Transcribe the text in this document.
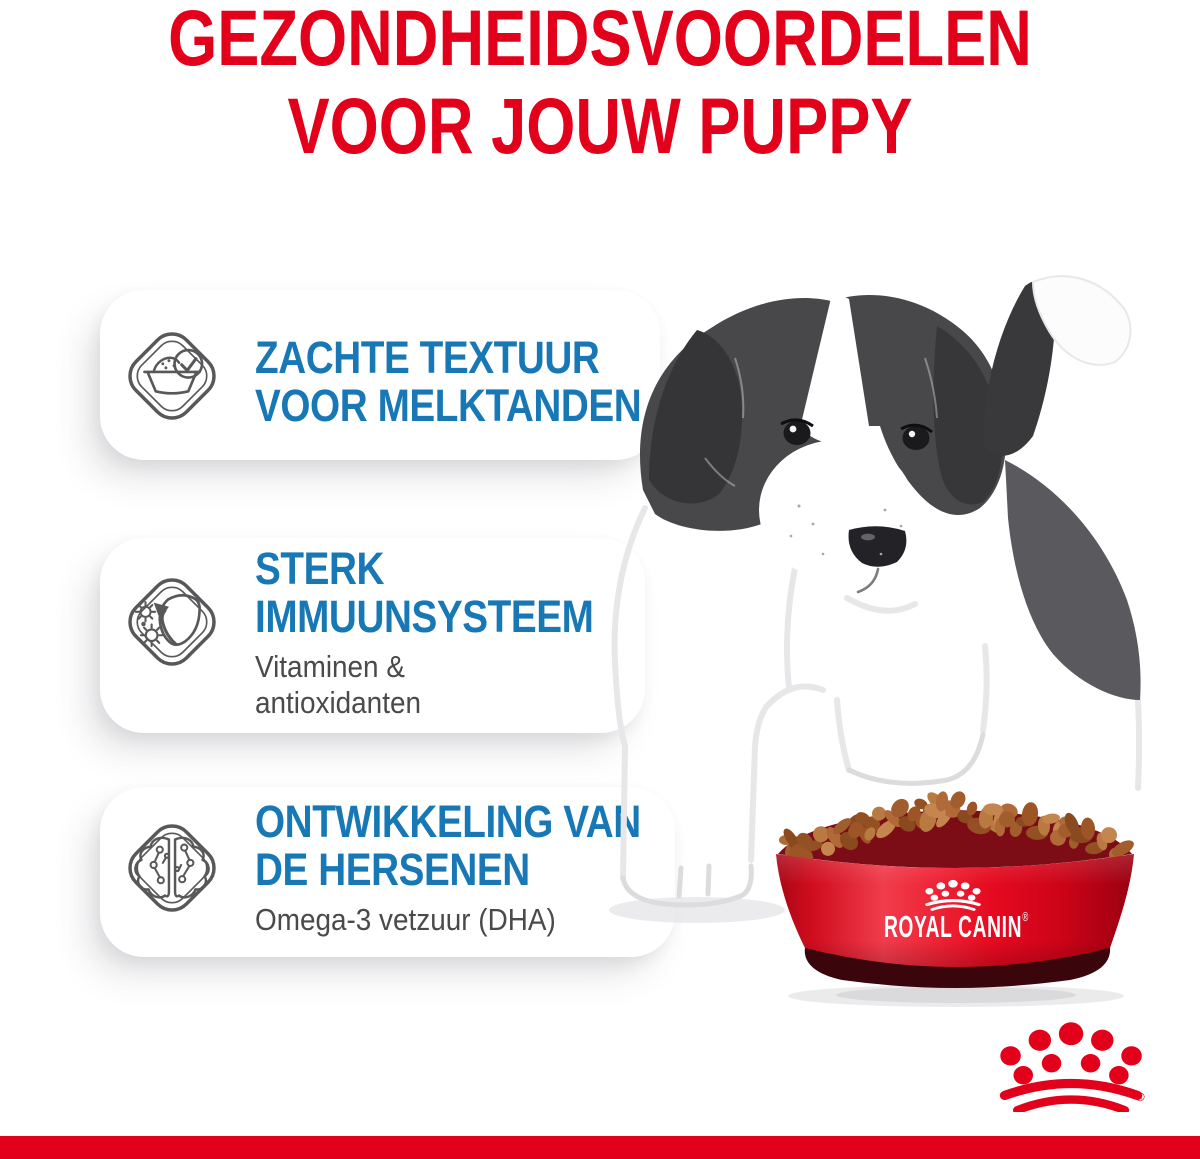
GEZONDHEIDSVOORDELEN
VOOR JOUW PUPPY
ZACHTE TEXTUUR
VOOR MELKTANDEN
STERK
IMMUUNSYSTEEM
Vitaminen &
antioxidanten
ONTWIKKELING VAN
DE HERSENEN
Omega-3 vetzuur (DHA)	ROYAL CANIN ®
®
